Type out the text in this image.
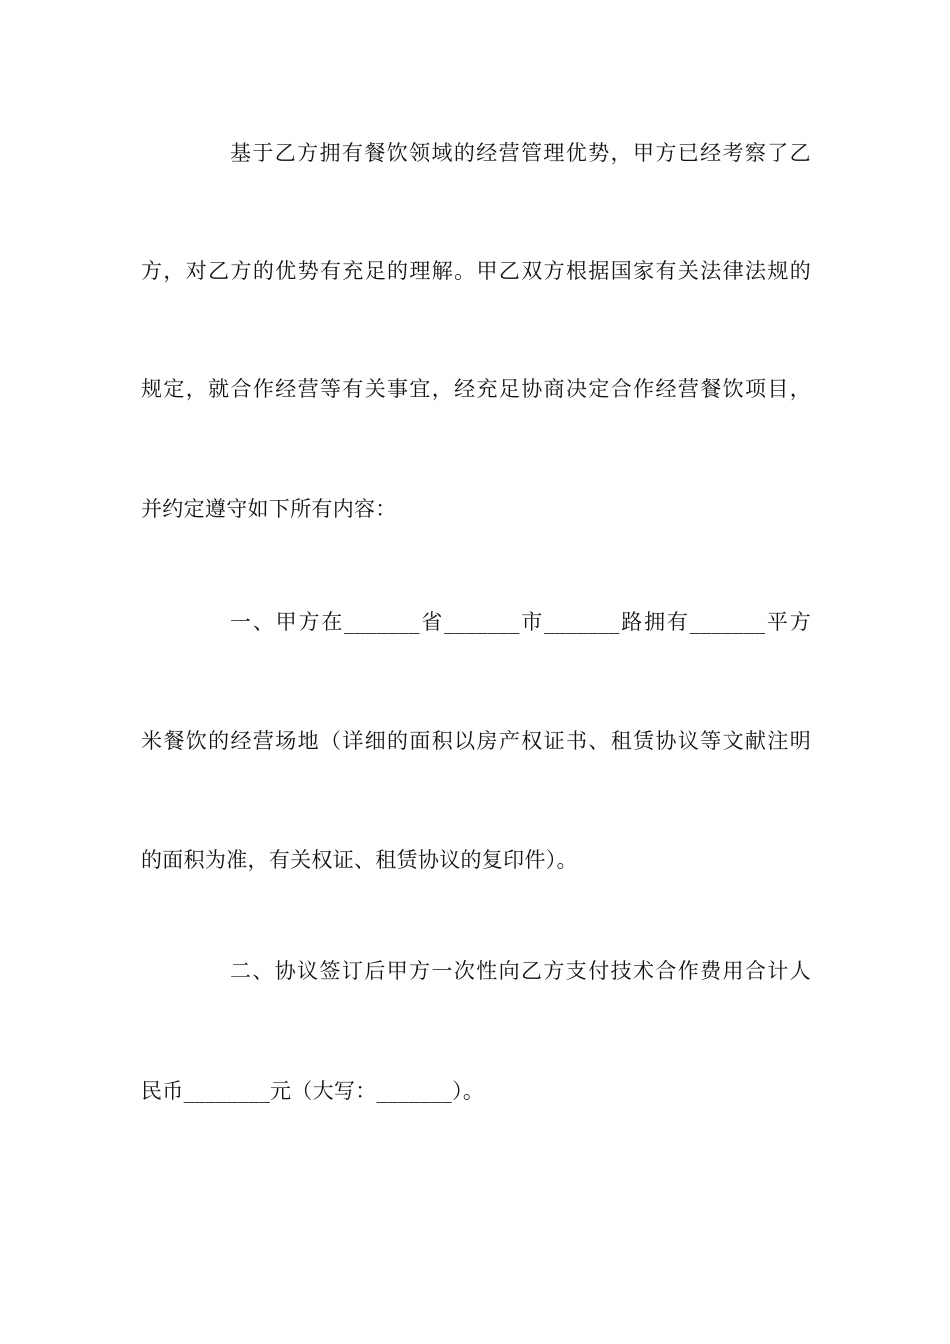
基于乙方拥有餐饮领域的经营管理优势，甲方已经考察了乙
方，对乙方的优势有充足的理解。甲乙双方根据国家有关法律法规的
规定，就合作经营等有关事宜，经充足协商决定合作经营餐饮项目，
并约定遵守如下所有内容：
一、甲方在_______省_______市_______路拥有_______平方
米餐饮的经营场地（详细的面积以房产权证书、租赁协议等文献注明
的面积为准，有关权证、租赁协议的复印件）。
二、协议签订后甲方一次性向乙方支付技术合作费用合计人
民币________元（大写：_______）。
